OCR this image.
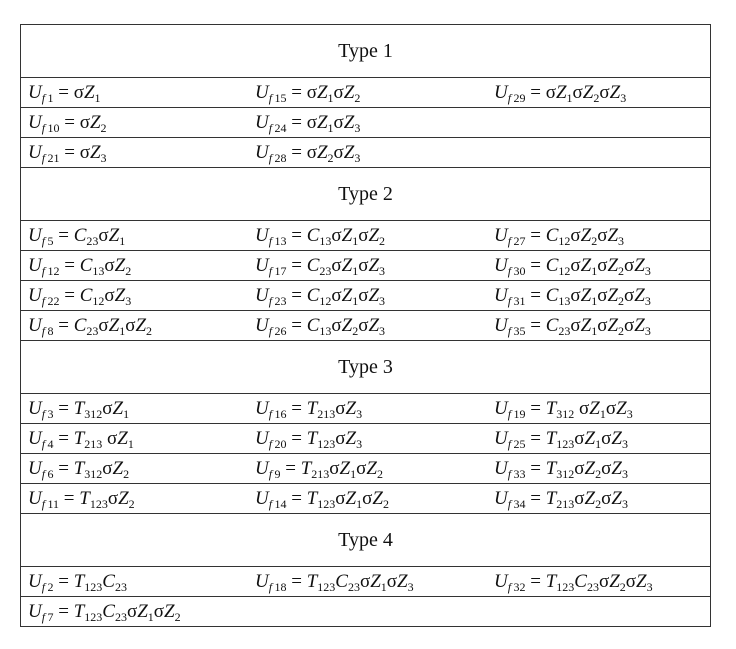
Type 1
$U_f$ $_1 = \sigma Z_1$	$U_f$ $_{15} = \sigma Z_1\sigma Z_2$	$U_f$ $_{29} = \sigma Z_1\sigma Z_2\sigma Z_3$
$U_f$ $_{10} = \sigma Z_2$	$U_f$ $_{24} = \sigma Z_1\sigma Z_3$
$U_f$ $_{21} = \sigma Z_3$	$U_f$ $_{28} = \sigma Z_2\sigma Z_3$
Type 2
$U_f$ $_5 = C_{23}\sigma Z_1$	$U_f$ $_{13} = C_{13}\sigma Z_1\sigma Z_2$	$U_f$ $_{27} = C_{12}\sigma Z_2\sigma Z_3$
$U_f$ $_{12} = C_{13}\sigma Z_2$	$U_f$ $_{17} = C_{23}\sigma Z_1\sigma Z_3$	$U_f$ $_{30} = C_{12}\sigma Z_1\sigma Z_2\sigma Z_3$
$U_f$ $_{22} = C_{12}\sigma Z_3$	$U_f$ $_{23} = C_{12}\sigma Z_1\sigma Z_3$	$U_f$ $_{31} = C_{13}\sigma Z_1\sigma Z_2\sigma Z_3$
$U_f$ $_8 = C_{23}\sigma Z_1\sigma Z_2$	$U_f$ $_{26} = C_{13}\sigma Z_2\sigma Z_3$	$U_f$ $_{35} = C_{23}\sigma Z_1\sigma Z_2\sigma Z_3$
Type 3
$U_f$ $_3 = T_{312}\sigma Z_1$	$U_f$ $_{16} = T_{213}\sigma Z_3$	$U_f$ $_{19} = T_{312}$ $\sigma Z_1\sigma Z_3$
$U_f$ $_4 = T_{213}$ $\sigma Z_1$	$U_f$ $_{20} = T_{123}\sigma Z_3$	$U_f$ $_{25} = T_{123}\sigma Z_1\sigma Z_3$
$U_f$ $_6 = T_{312}\sigma Z_2$	$U_f$ $_9 = T_{213}\sigma Z_1\sigma Z_2$	$U_f$ $_{33} = T_{312}\sigma Z_2\sigma Z_3$
$U_f$ $_{11} = T_{123}\sigma Z_2$	$U_f$ $_{14} = T_{123}\sigma Z_1\sigma Z_2$	$U_f$ $_{34} = T_{213}\sigma Z_2\sigma Z_3$
Type 4
$U_f$ $_2 = T_{123}C_{23}$	$U_f$ $_{18} = T_{123}C_{23}\sigma Z_1\sigma Z_3$	$U_f$ $_{32} = T_{123}C_{23}\sigma Z_2\sigma Z_3$
$U_f$ $_7 = T_{123}C_{23}\sigma Z_1\sigma Z_2$
